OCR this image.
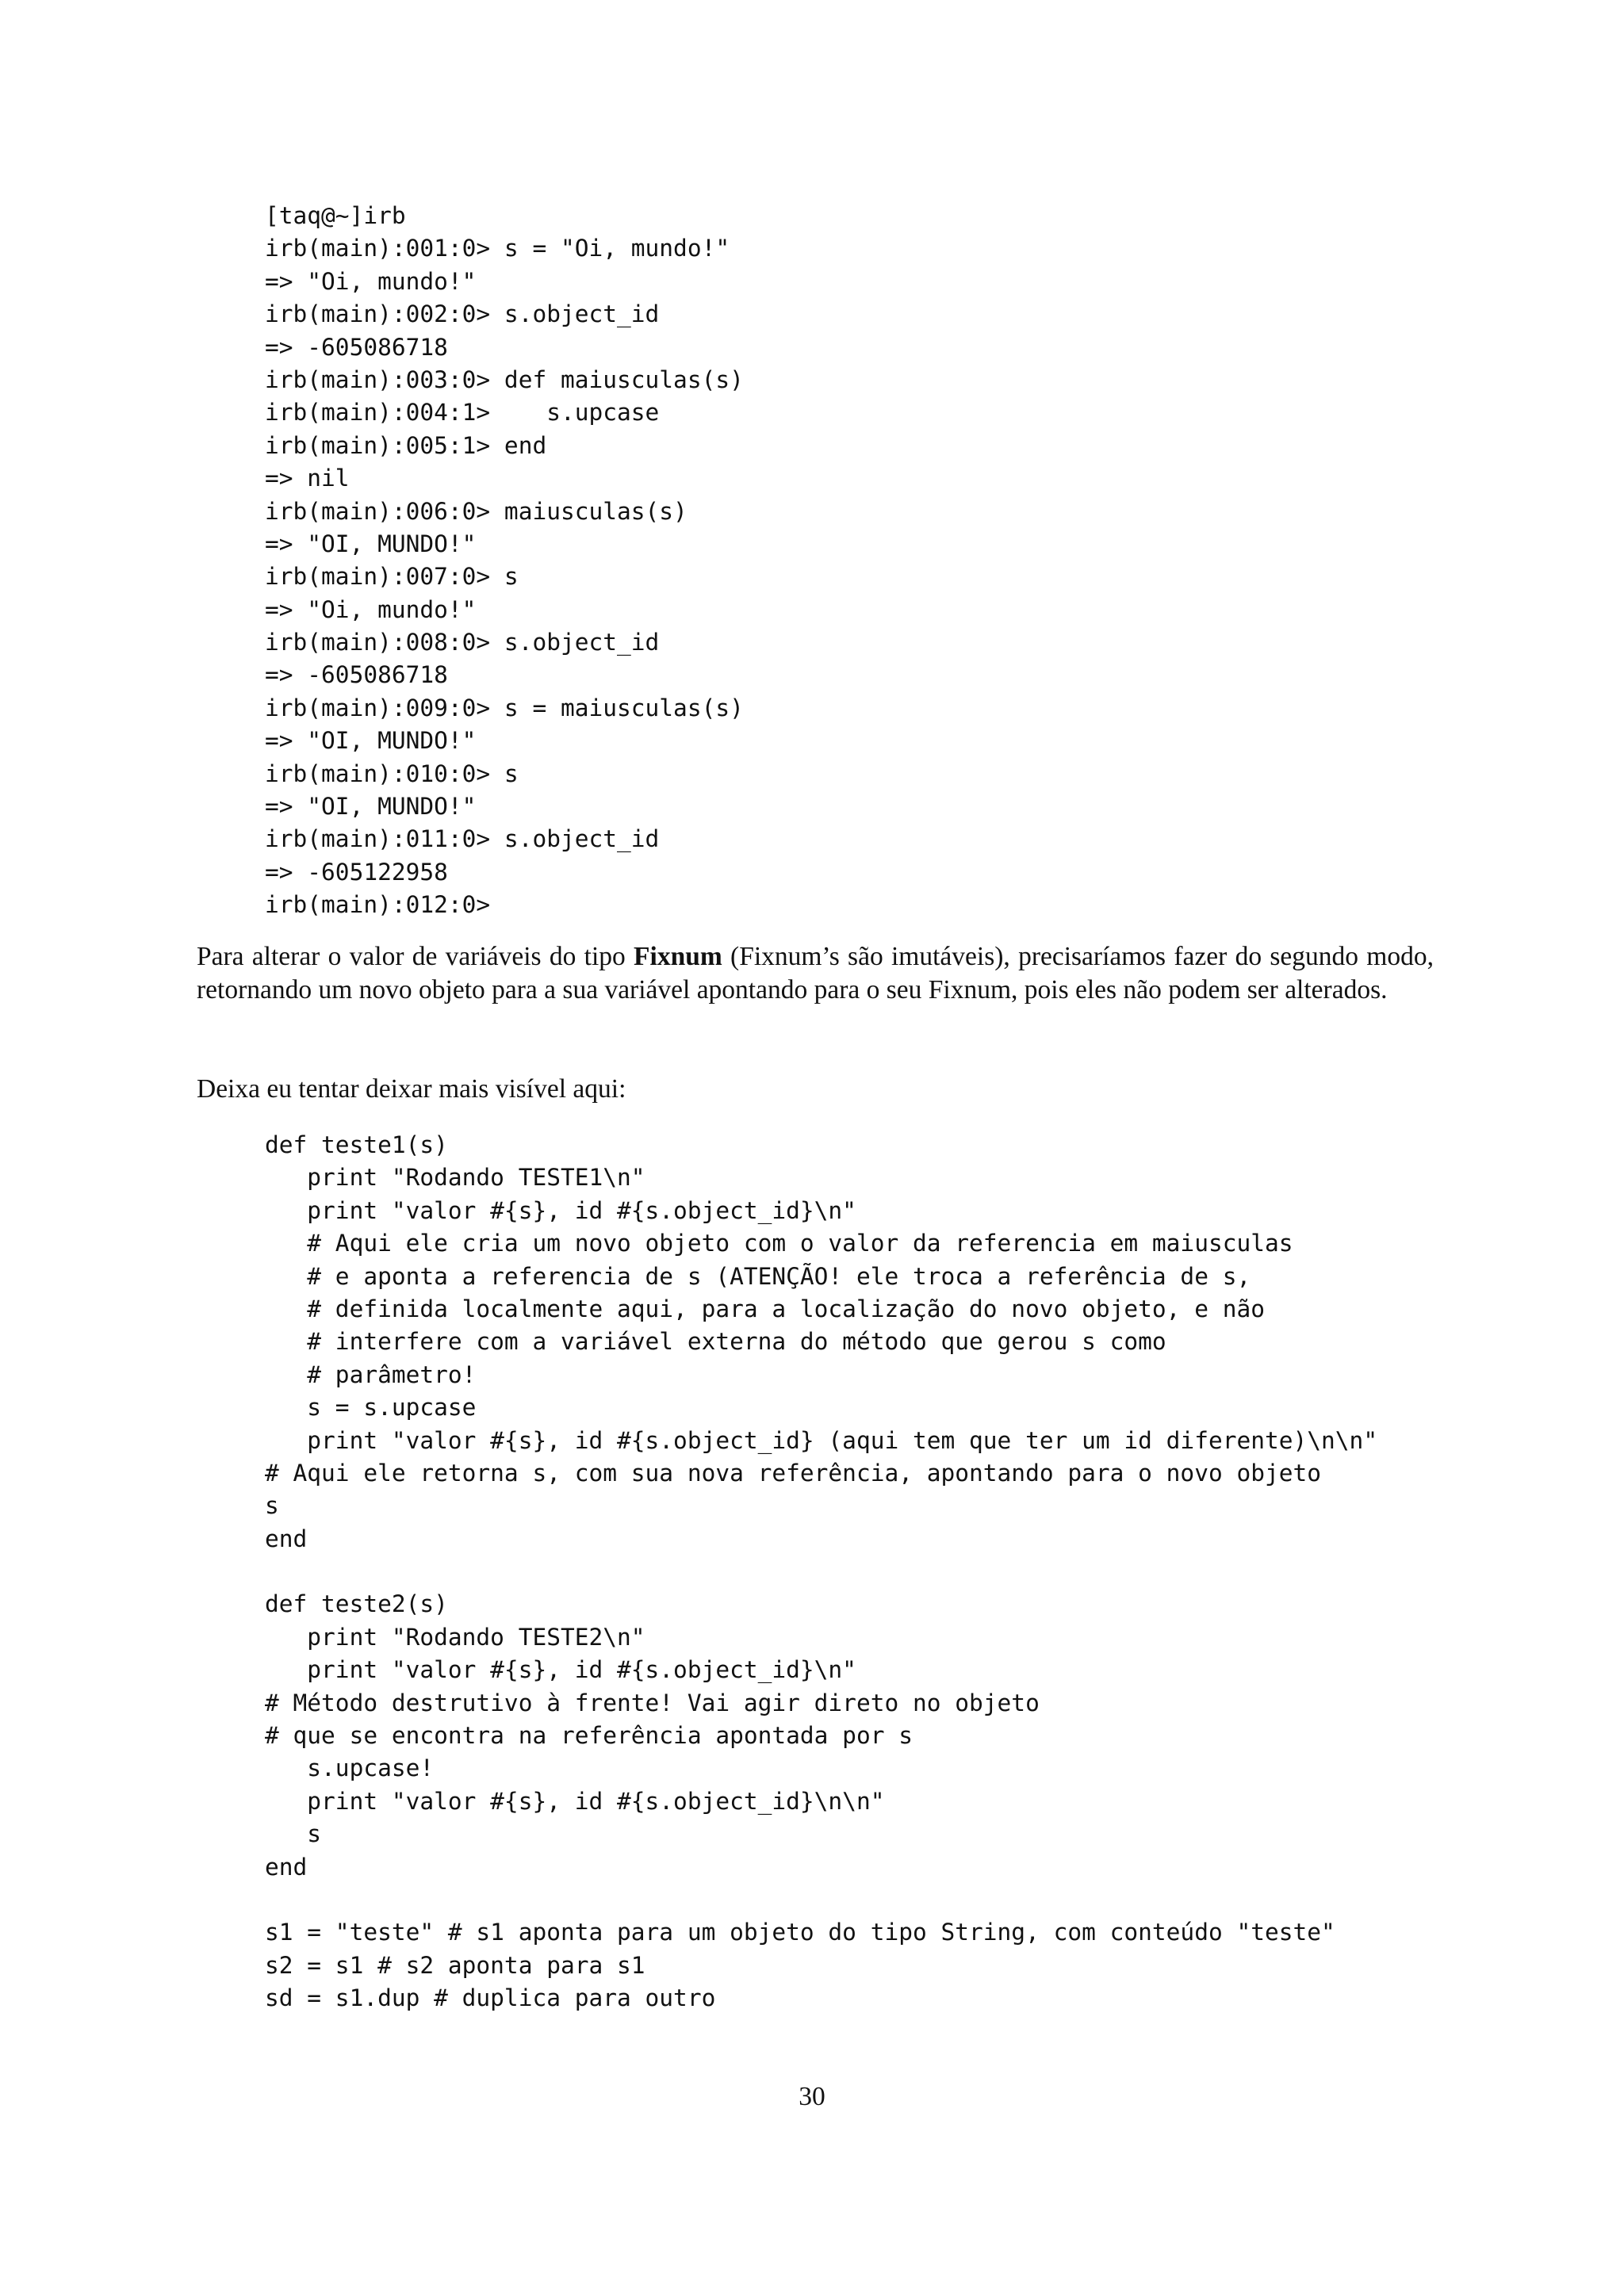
[taq@~]irb
irb(main):001:0> s = "Oi, mundo!"
=> "Oi, mundo!"
irb(main):002:0> s.object_id
=> -605086718
irb(main):003:0> def maiusculas(s)
irb(main):004:1>    s.upcase
irb(main):005:1> end
=> nil
irb(main):006:0> maiusculas(s)
=> "OI, MUNDO!"
irb(main):007:0> s
=> "Oi, mundo!"
irb(main):008:0> s.object_id
=> -605086718
irb(main):009:0> s = maiusculas(s)
=> "OI, MUNDO!"
irb(main):010:0> s
=> "OI, MUNDO!"
irb(main):011:0> s.object_id
=> -605122958
irb(main):012:0>

Para alterar o valor de variáveis do tipo Fixnum (Fixnum’s são imutáveis), precisaríamos fazer do segundo modo, retornando um novo objeto para a sua variável apontando para o seu Fixnum, pois eles não podem ser alterados.

Deixa eu tentar deixar mais visível aqui:

def teste1(s)
print "Rodando TESTE1\n"
print "valor #{s}, id #{s.object_id}\n"
# Aqui ele cria um novo objeto com o valor da referencia em maiusculas
# e aponta a referencia de s (ATENÇÃO! ele troca a referência de s,
# definida localmente aqui, para a localização do novo objeto, e não
# interfere com a variável externa do método que gerou s como
# parâmetro!
s = s.upcase
print "valor #{s}, id #{s.object_id} (aqui tem que ter um id diferente)\n\n"
# Aqui ele retorna s, com sua nova referência, apontando para o novo objeto
s
end
def teste2(s)
print "Rodando TESTE2\n"
print "valor #{s}, id #{s.object_id}\n"
# Método destrutivo à frente! Vai agir direto no objeto
# que se encontra na referência apontada por s
s.upcase!
print "valor #{s}, id #{s.object_id}\n\n"
s
end
s1 = "teste" # s1 aponta para um objeto do tipo String, com conteúdo "teste"
s2 = s1 # s2 aponta para s1
sd = s1.dup # duplica para outro
30
